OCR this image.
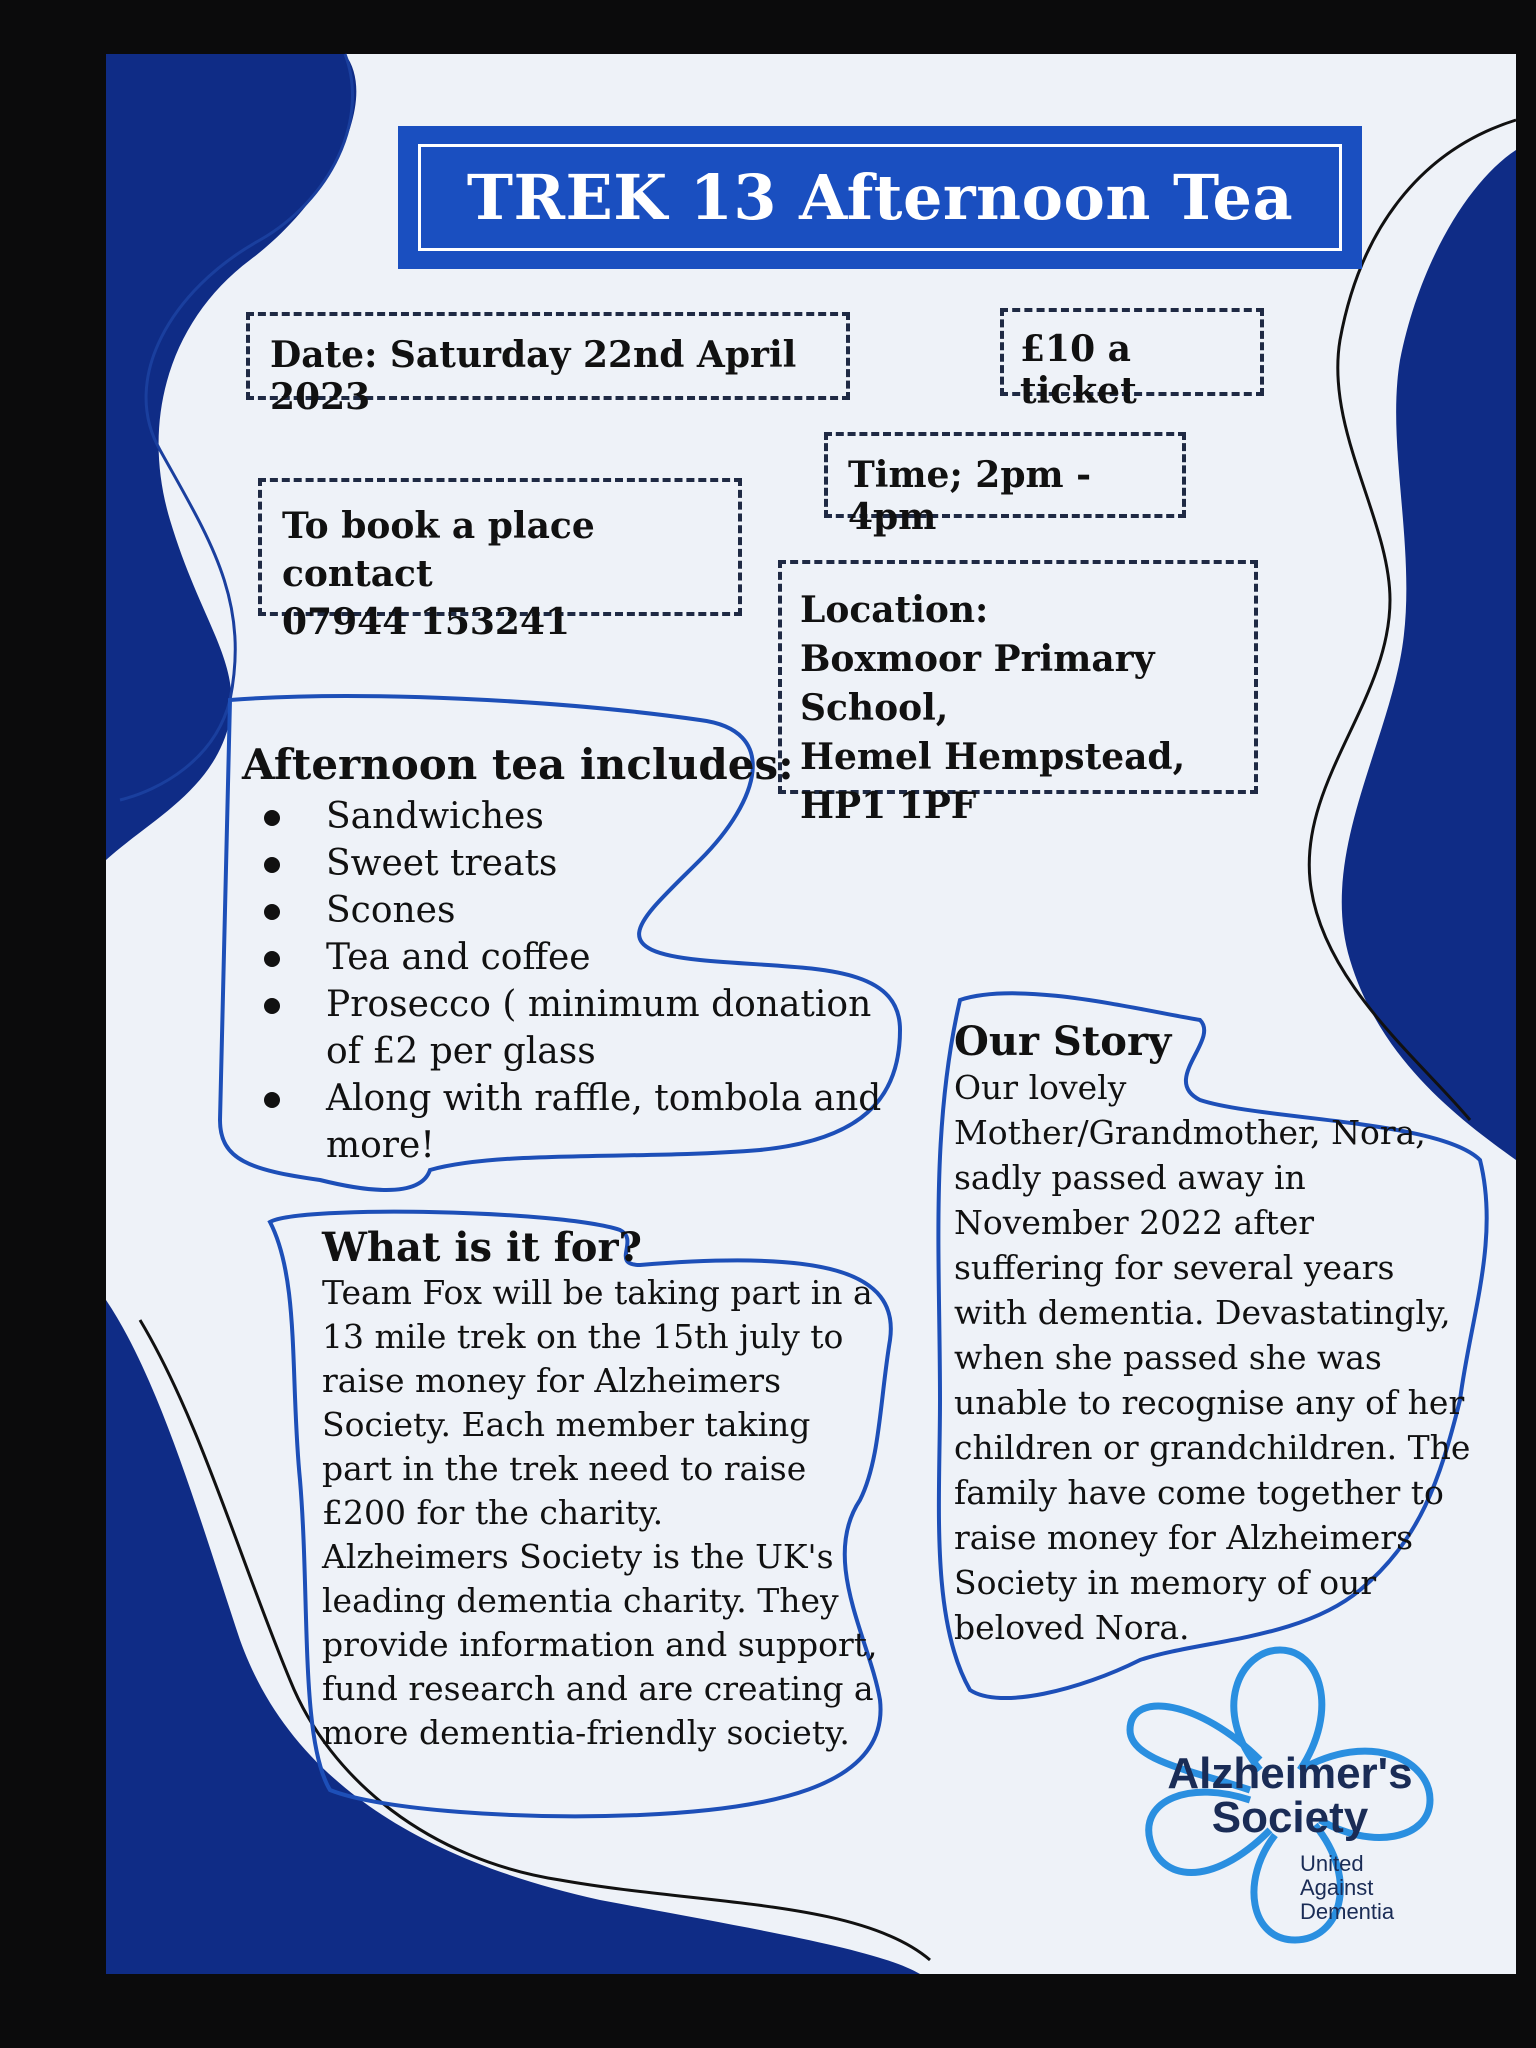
TREK 13 Afternoon Tea
Date: Saturday 22nd April 2023
£10 a ticket
Time; 2pm - 4pm
To book a place contact
07944 153241	Location:
Boxmoor Primary School,
Hemel Hempstead,
HP1 1PF
Afternoon tea includes:
Sandwiches
Sweet treats
Scones
Tea and coffee
Prosecco ( minimum donation of £2 per glass
Along with raffle, tombola and more!
What is it for?

Team Fox will be taking part in a 13 mile trek on the 15th july to raise money for Alzheimers Society. Each member taking part in the trek need to raise £200 for the charity.

Alzheimers Society is the UK's leading dementia charity. They provide information and support, fund research and are creating a more dementia-friendly society.

Our Story

Our lovely Mother/Grandmother, Nora, sadly passed away in November 2022 after suffering for several years with dementia. Devastatingly, when she passed she was unable to recognise any of her children or grandchildren. The family have come together to raise money for Alzheimers Society in memory of our beloved Nora.

Alzheimer's
Society
United
Against
Dementia
